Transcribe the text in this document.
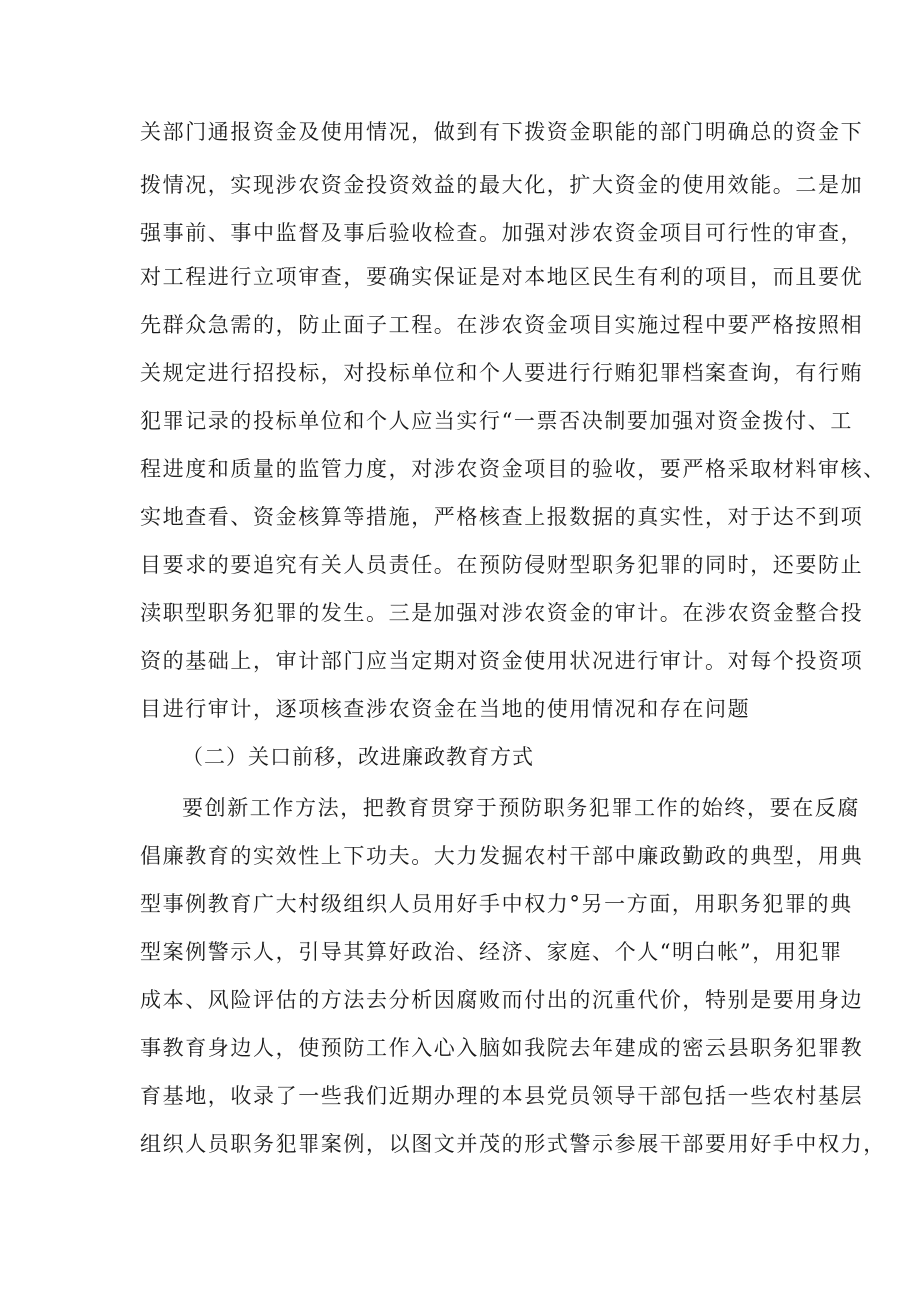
关部门通报资金及使用情况，做到有下拨资金职能的部门明确总的资金下
拨情况，实现涉农资金投资效益的最大化，扩大资金的使用效能。二是加
强事前、事中监督及事后验收检查。加强对涉农资金项目可行性的审查，
对工程进行立项审查，要确实保证是对本地区民生有利的项目，而且要优
先群众急需的，防止面子工程。在涉农资金项目实施过程中要严格按照相
关规定进行招投标，对投标单位和个人要进行行贿犯罪档案查询，有行贿
犯罪记录的投标单位和个人应当实行“一票否决制要加强对资金拨付、工
程进度和质量的监管力度，对涉农资金项目的验收，要严格采取材料审核、
实地查看、资金核算等措施，严格核查上报数据的真实性，对于达不到项
目要求的要追究有关人员责任。在预防侵财型职务犯罪的同时，还要防止
渎职型职务犯罪的发生。三是加强对涉农资金的审计。在涉农资金整合投
资的基础上，审计部门应当定期对资金使用状况进行审计。对每个投资项
目进行审计，逐项核查涉农资金在当地的使用情况和存在问题
（二）关口前移，改进廉政教育方式
要创新工作方法，把教育贯穿于预防职务犯罪工作的始终，要在反腐
倡廉教育的实效性上下功夫。大力发掘农村干部中廉政勤政的典型，用典
型事例教育广大村级组织人员用好手中权力°另一方面，用职务犯罪的典
型案例警示人，引导其算好政治、经济、家庭、个人“明白帐”，用犯罪
成本、风险评估的方法去分析因腐败而付出的沉重代价，特别是要用身边
事教育身边人，使预防工作入心入脑如我院去年建成的密云县职务犯罪教
育基地，收录了一些我们近期办理的本县党员领导干部包括一些农村基层
组织人员职务犯罪案例，以图文并茂的形式警示参展干部要用好手中权力，
